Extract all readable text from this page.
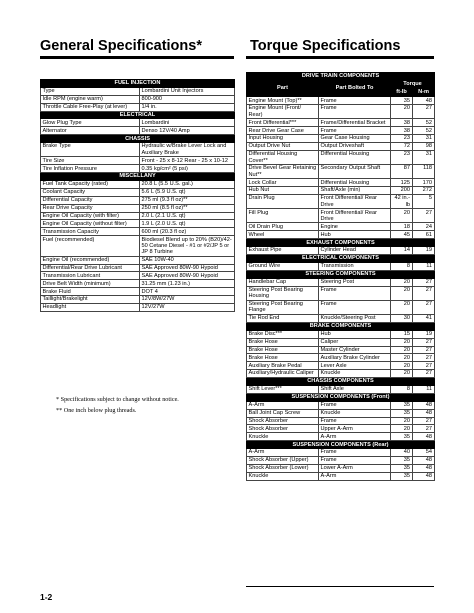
General Specifications*	Torque Specifications
FUEL INJECTION	
Type	Lombardini Unit Injectors
Idle RPM (engine warm)	800-900
Throttle Cable Free-Play (at lever)	1/4 in.
ELECTRICAL	
Glow Plug Type	Lombardini
Alternator	Denso 12V/40 Amp
CHASSIS	
Brake Type	Hydraulic w/Brake Lever Lock and Auxiliary Brake
Tire Size	Front - 25 x 8-12 Rear - 25 x 10-12
Tire Inflation Pressure	0.35 kg/cm² (5 psi)
MISCELLANY	
Fuel Tank Capacity (rated)	20.8 L (5.5 U.S. gal.)
Coolant Capacity	5.6 L (5.9 U.S. qt)
Differential Capacity	275 ml (9.3 fl oz)**
Rear Drive Capacity	250 ml (8.5 fl oz)**
Engine Oil Capacity (with filter)	2.0 L (2.1 U.S. qt)
Engine Oil Capacity (without filter)	1.9 L (2.0 U.S. qt)
Transmission Capacity	600 ml (20.3 fl oz)
Fuel (recommended)	Biodiesel Blend up to 20% (B20)/42-50 Cetane Diesel - #1 or #2/JP 5 or JP 8 Turbine
Engine Oil (recommended)	SAE 10W-40
Differential/Rear Drive Lubricant	SAE Approved 80W-90 Hypoid
Transmission Lubricant	SAE Approved 80W-90 Hypoid
Drive Belt Width (minimum)	31.25 mm (1.23 in.)
Brake Fluid	DOT 4
Taillight/Brakelight	12V/8W/27W
Headlight	12V/27W
DRIVE TRAIN COMPONENTS			
Part	Part Bolted To	Torque	
		ft-lb	N-m
Engine Mount (Top)**	Frame	35	48
Engine Mount (Front/ Rear)	Frame	20	27
Front Differential***	Frame/Differential Bracket	38	52
Rear Drive Gear Case	Frame	38	52
Input Housing	Gear Case Housing	23	31
Output Drive Nut	Output Driveshaft	72	98
Differential Housing Cover**	Differential Housing	23	31
Drive Bevel Gear Retaining Nut**	Secondary Output Shaft	87	118
Lock Collar	Differential Housing	125	170
Hub Nut	Shaft/Axle (min)	200	272
Drain Plug	Front Differential/ Rear Drive	42 in.-lb	5
Fill Plug	Front Differential/ Rear Drive	20	27
Oil Drain Plug	Engine	18	24
Wheel	Hub	45	61
EXHAUST COMPONENTS			
Exhaust Pipe	Cylinder Head	14	19
ELECTRICAL COMPONENTS			
Ground Wire	Transmission	8	11
STEERING COMPONENTS			
Handlebar Cap	Steering Post	20	27
Steering Post Bearing Housing	Frame	20	27
Steering Post Bearing Flange	Frame	20	27
Tie Rod End	Knuckle/Steering Post	30	41
BRAKE COMPONENTS			
Brake Disc***	Hub	15	19
Brake Hose	Caliper	20	27
Brake Hose	Master Cylinder	20	27
Brake Hose	Auxiliary Brake Cylinder	20	27
Auxiliary Brake Pedal	Lever Axle	20	27
Auxiliary/Hydraulic Caliper	Knuckle	20	27
CHASSIS COMPONENTS			
Shift Lever***	Shift Axle	8	11
SUSPENSION COMPONENTS (Front)			
A-Arm	Frame	35	48
Ball Joint Cap Screw	Knuckle	35	48
Shock Absorber	Frame	20	27
Shock Absorber	Upper A-Arm	20	27
Knuckle	A-Arm	35	48
SUSPENSION COMPONENTS (Rear)			
A-Arm	Frame	40	54
Shock Absorber (Upper)	Frame	35	48
Shock Absorber (Lower)	Lower A-Arm	35	48
Knuckle	A-Arm	35	48
* Specifications subject to change without notice.
** One inch below plug threads.
1-2
